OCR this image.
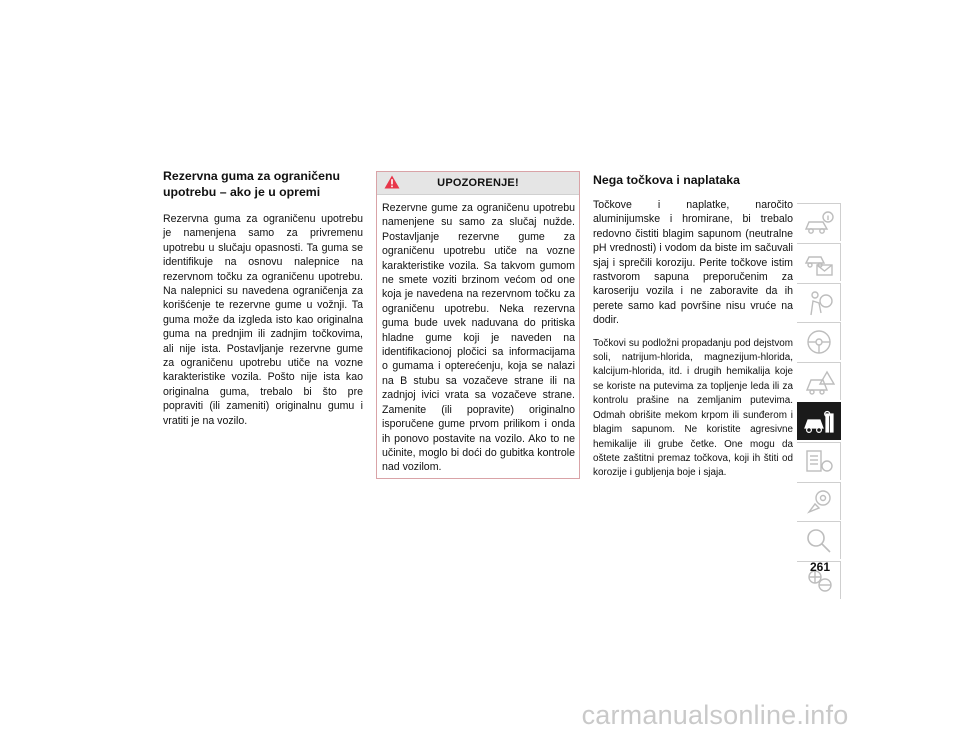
Rezervna guma za ograničenu
upotrebu – ako je u opremi

Rezervna guma za ograničenu upotrebu je namenjena samo za privremenu upotrebu u slučaju opasnosti. Ta guma se identifikuje na osnovu nalepnice na rezervnom točku za ograničenu upotrebu. Na nalepnici su navedena ograničenja za korišćenje te rezervne gume u vožnji. Ta guma može da izgleda isto kao originalna guma na prednjim ili zadnjim točkovima, ali nije ista. Postavljanje rezervne gume za ograničenu upotrebu utiče na vozne karakteristike vozila. Pošto nije ista kao originalna guma, trebalo bi što pre popraviti (ili zameniti) originalnu gumu i vratiti je na vozilo.

UPOZORENJE!

Rezervne gume za ograničenu upotrebu namenjene su samo za slučaj nužde. Postavljanje rezervne gume za ograničenu upotrebu utiče na vozne karakteristike vozila. Sa takvom gumom ne smete voziti brzinom većom od one koja je navedena na rezervnom točku za ograničenu upotrebu. Neka rezervna guma bude uvek naduvana do pritiska hladne gume koji je naveden na identifikacionoj pločici sa informacijama o gumama i opterećenju, koja se nalazi na B stubu sa vozačeve strane ili na zadnjoj ivici vrata sa vozačeve strane. Zamenite (ili popravite) originalno isporučene gume prvom prilikom i onda ih ponovo postavite na vozilo. Ako to ne učinite, moglo bi doći do gubitka kontrole nad vozilom.

Nega točkova i naplataka

Točkove i naplatke, naročito aluminijumske i hromirane, bi trebalo redovno čistiti blagim sapunom (neutralne pH vrednosti) i vodom da biste im sačuvali sjaj i sprečili koroziju. Perite točkove istim rastvorom sapuna preporučenim za karoseriju vozila i ne zaboravite da ih perete samo kad površine nisu vruće na dodir.

Točkovi su podložni propadanju pod dejstvom soli, natrijum-hlorida, magnezijum-hlorida, kalcijum-hlorida, itd. i drugih hemikalija koje se koriste na putevima za topljenje leda ili za kontrolu prašine na zemljanim putevima. Odmah obrišite mekom krpom ili sunđerom i blagim sapunom. Ne koristite agresivne hemikalije ili grube četke. One mogu da oštete zaštitni premaz točkova, koji ih štiti od korozije i gubljenja boje i sjaja.

261
carmanualsonline.info
